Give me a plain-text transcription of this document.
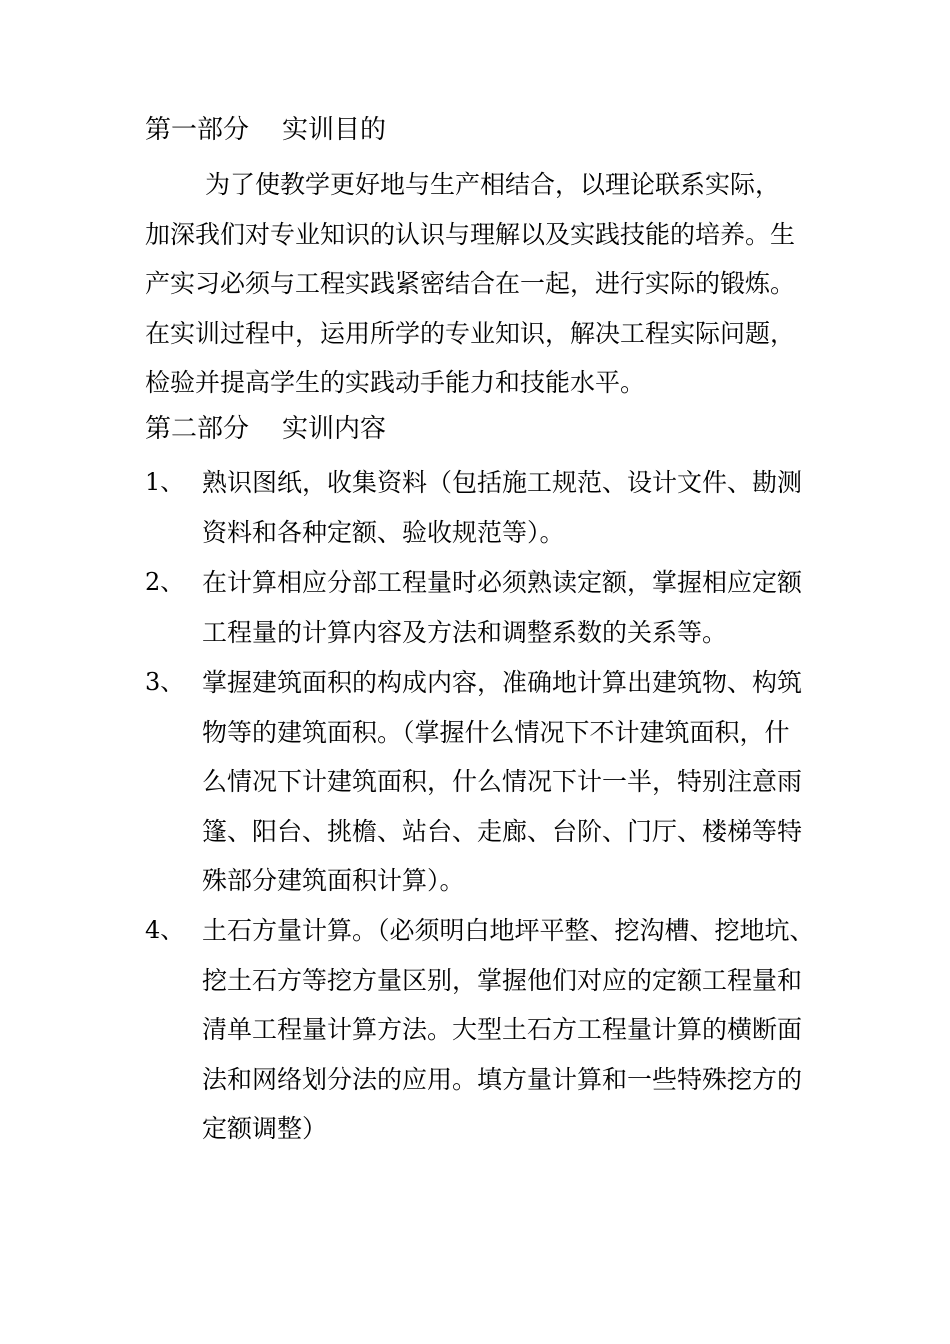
第一部分    实训目的
为了使教学更好地与生产相结合，以理论联系实际，
加深我们对专业知识的认识与理解以及实践技能的培养。生
产实习必须与工程实践紧密结合在一起，进行实际的锻炼。
在实训过程中，运用所学的专业知识，解决工程实际问题，
检验并提高学生的实践动手能力和技能水平。
第二部分    实训内容
1、 熟识图纸，收集资料（包括施工规范、设计文件、勘测
资料和各种定额、验收规范等）。
2、 在计算相应分部工程量时必须熟读定额，掌握相应定额
工程量的计算内容及方法和调整系数的关系等。
3、 掌握建筑面积的构成内容，准确地计算出建筑物、构筑
物等的建筑面积。（掌握什么情况下不计建筑面积，什
么情况下计建筑面积，什么情况下计一半，特别注意雨
篷、阳台、挑檐、站台、走廊、台阶、门厅、楼梯等特
殊部分建筑面积计算）。
4、 土石方量计算。（必须明白地坪平整、挖沟槽、挖地坑、
挖土石方等挖方量区别，掌握他们对应的定额工程量和
清单工程量计算方法。大型土石方工程量计算的横断面
法和网络划分法的应用。填方量计算和一些特殊挖方的
定额调整）
